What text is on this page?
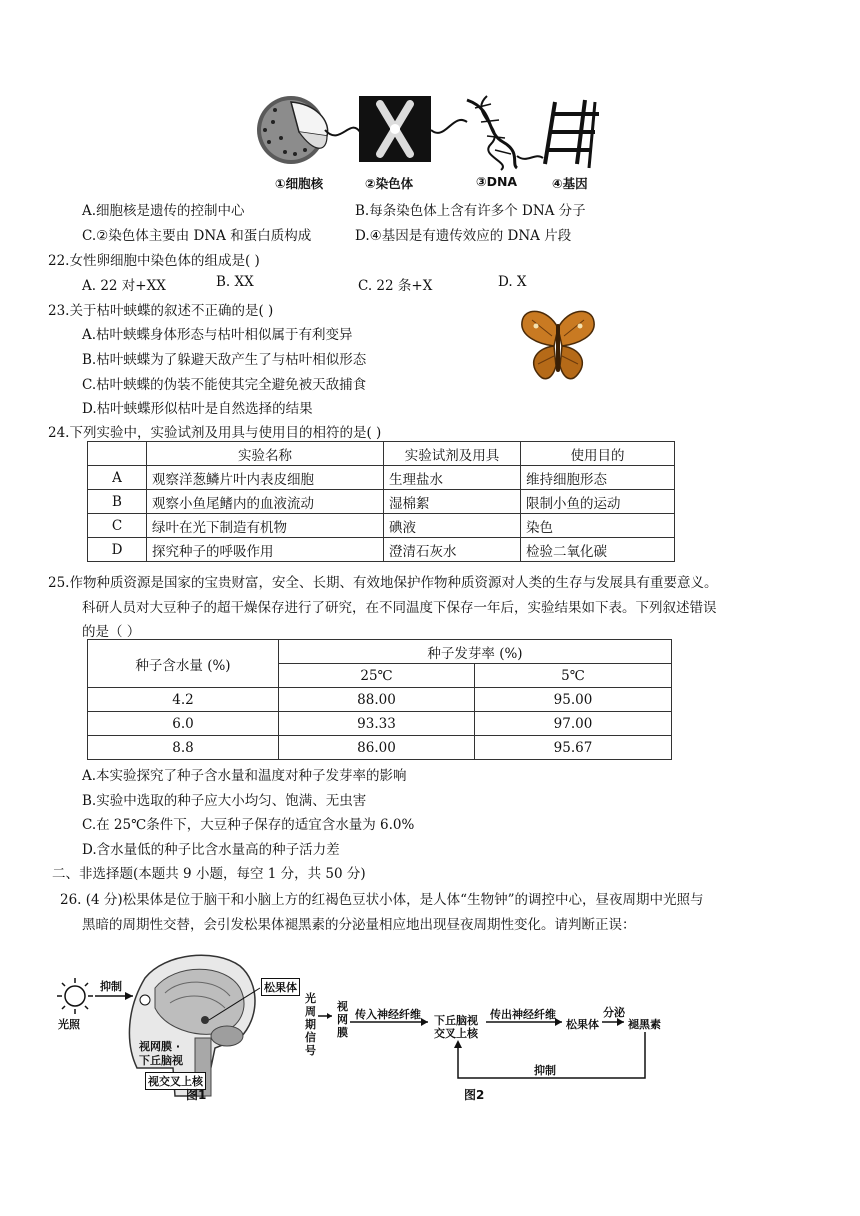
①细胞核	②染色体	③DNA	④基因
A.细胞核是遗传的控制中心	B.每条染色体上含有许多个 DNA 分子
C.②染色体主要由 DNA 和蛋白质构成	D.④基因是有遗传效应的 DNA 片段
22.女性卵细胞中染色体的组成是( )
A. 22 对+XX	B. XX	C. 22 条+X	D. X
23.关于枯叶蛱蝶的叙述不正确的是( )
A.枯叶蛱蝶身体形态与枯叶相似属于有利变异
B.枯叶蛱蝶为了躲避天敌产生了与枯叶相似形态
C.枯叶蛱蝶的伪装不能使其完全避免被天敌捕食
D.枯叶蛱蝶形似枯叶是自然选择的结果
24.下列实验中，实验试剂及用具与使用目的相符的是( )
	实验名称	实验试剂及用具	使用目的
A	观察洋葱鳞片叶内表皮细胞	生理盐水	维持细胞形态
B	观察小鱼尾鳍内的血液流动	湿棉絮	限制小鱼的运动
C	绿叶在光下制造有机物	碘液	染色
D	探究种子的呼吸作用	澄清石灰水	检验二氧化碳
25.作物种质资源是国家的宝贵财富，安全、长期、有效地保护作物种质资源对人类的生存与发展具有重要意义。
科研人员对大豆种子的超干燥保存进行了研究，在不同温度下保存一年后，实验结果如下表。下列叙述错误
的是（ ）
种子含水量 (%)	种子发芽率 (%)	
	25℃	5℃
4.2	88.00	95.00
6.0	93.33	97.00
8.8	86.00	95.67
A.本实验探究了种子含水量和温度对种子发芽率的影响
B.实验中选取的种子应大小均匀、饱满、无虫害
C.在 25℃条件下，大豆种子保存的适宜含水量为 6.0%
D.含水量低的种子比含水量高的种子活力差
二、非选择题(本题共 9 小题，每空 1 分，共 50 分)
26. (4 分)松果体是位于脑干和小脑上方的红褐色豆状小体，是人体“生物钟”的调控中心，昼夜周期中光照与
黑暗的周期性交替，会引发松果体褪黑素的分泌量相应地出现昼夜周期性变化。请判断正误：
光照
抑制
视网膜 ·
下丘脑视
视交叉上核
松果体
图1
光
周
期
信
号
视
网
膜
传入神经纤维 下丘脑视
交叉上核
传出神经纤维
松果体
分泌
褪黑素
抑制
图2
